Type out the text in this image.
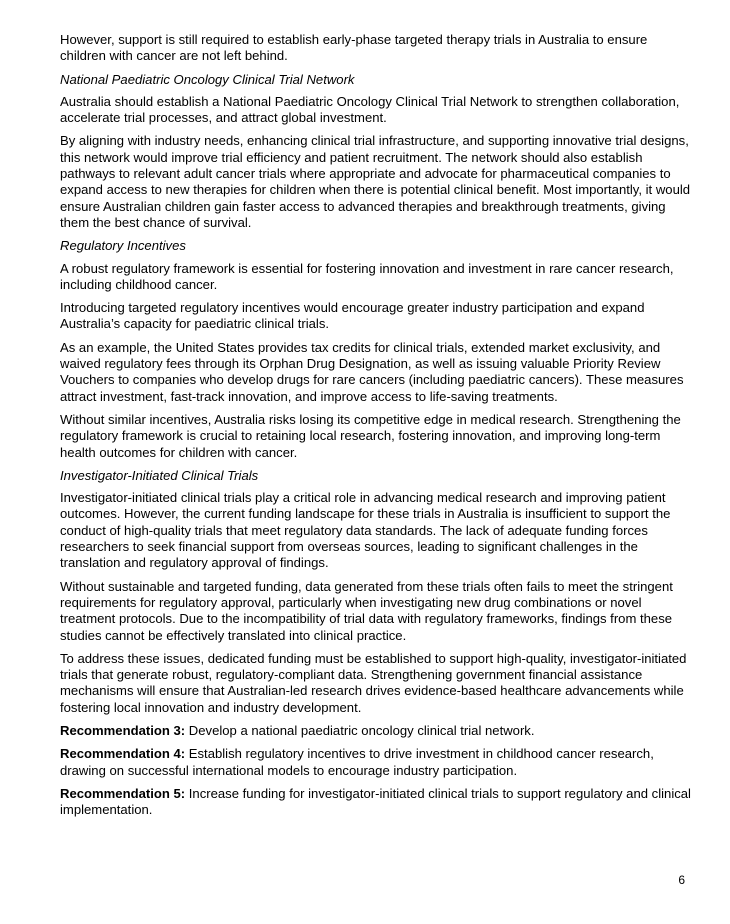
However, support is still required to establish early-phase targeted therapy trials in Australia to ensure children with cancer are not left behind.

National Paediatric Oncology Clinical Trial Network

Australia should establish a National Paediatric Oncology Clinical Trial Network to strengthen collaboration, accelerate trial processes, and attract global investment.

By aligning with industry needs, enhancing clinical trial infrastructure, and supporting innovative trial designs, this network would improve trial efficiency and patient recruitment. The network should also establish pathways to relevant adult cancer trials where appropriate and advocate for pharmaceutical companies to expand access to new therapies for children when there is potential clinical benefit. Most importantly, it would ensure Australian children gain faster access to advanced therapies and breakthrough treatments, giving them the best chance of survival.

Regulatory Incentives

A robust regulatory framework is essential for fostering innovation and investment in rare cancer research, including childhood cancer.

Introducing targeted regulatory incentives would encourage greater industry participation and expand Australia’s capacity for paediatric clinical trials.

As an example, the United States provides tax credits for clinical trials, extended market exclusivity, and waived regulatory fees through its Orphan Drug Designation, as well as issuing valuable Priority Review Vouchers to companies who develop drugs for rare cancers (including paediatric cancers). These measures attract investment, fast-track innovation, and improve access to life-saving treatments.

Without similar incentives, Australia risks losing its competitive edge in medical research. Strengthening the regulatory framework is crucial to retaining local research, fostering innovation, and improving long-term health outcomes for children with cancer.

Investigator-Initiated Clinical Trials

Investigator-initiated clinical trials play a critical role in advancing medical research and improving patient outcomes. However, the current funding landscape for these trials in Australia is insufficient to support the conduct of high-quality trials that meet regulatory data standards. The lack of adequate funding forces researchers to seek financial support from overseas sources, leading to significant challenges in the translation and regulatory approval of findings.

Without sustainable and targeted funding, data generated from these trials often fails to meet the stringent requirements for regulatory approval, particularly when investigating new drug combinations or novel treatment protocols. Due to the incompatibility of trial data with regulatory frameworks, findings from these studies cannot be effectively translated into clinical practice.

To address these issues, dedicated funding must be established to support high-quality, investigator-initiated trials that generate robust, regulatory-compliant data. Strengthening government financial assistance mechanisms will ensure that Australian-led research drives evidence-based healthcare advancements while fostering local innovation and industry development.

Recommendation 3: Develop a national paediatric oncology clinical trial network.

Recommendation 4: Establish regulatory incentives to drive investment in childhood cancer research, drawing on successful international models to encourage industry participation.

Recommendation 5: Increase funding for investigator-initiated clinical trials to support regulatory and clinical implementation.

6
